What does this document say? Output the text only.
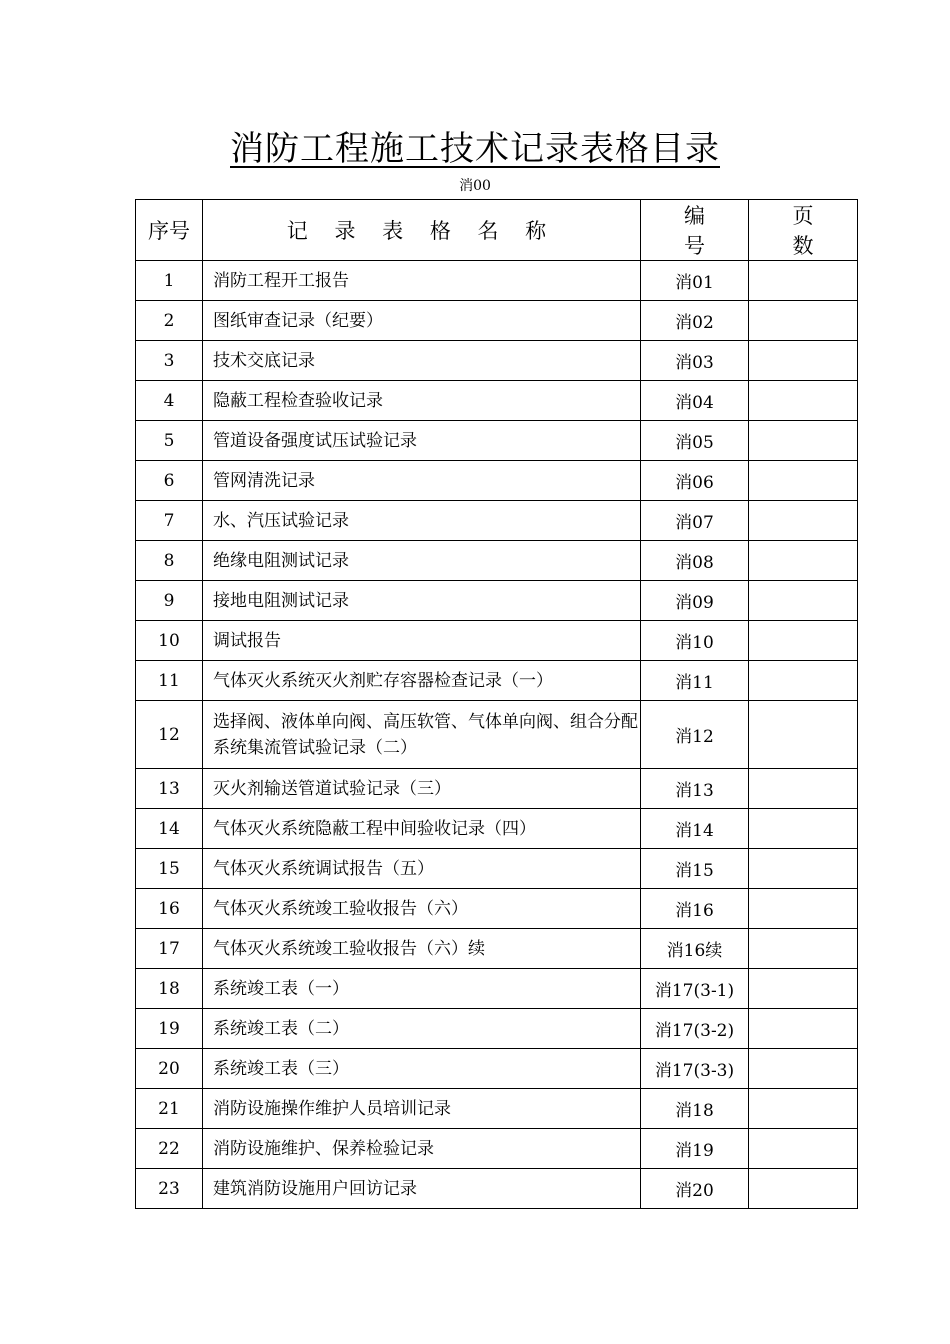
消防工程施工技术记录表格目录
消00
序号	记 录 表 格 名 称	编 号	页 数
1	消防工程开工报告	消01	
2	图纸审查记录（纪要）	消02	
3	技术交底记录	消03	
4	隐蔽工程检查验收记录	消04	
5	管道设备强度试压试验记录	消05	
6	管网清洗记录	消06	
7	水、汽压试验记录	消07	
8	绝缘电阻测试记录	消08	
9	接地电阻测试记录	消09	
10	调试报告	消10	
11	气体灭火系统灭火剂贮存容器检查记录（一）	消11	
12	选择阀、液体单向阀、高压软管、气体单向阀、组合分配系统集流管试验记录（二）	消12	
13	灭火剂输送管道试验记录（三）	消13	
14	气体灭火系统隐蔽工程中间验收记录（四）	消14	
15	气体灭火系统调试报告（五）	消15	
16	气体灭火系统竣工验收报告（六）	消16	
17	气体灭火系统竣工验收报告（六）续	消16续	
18	系统竣工表（一）	消17(3-1)	
19	系统竣工表（二）	消17(3-2)	
20	系统竣工表（三）	消17(3-3)	
21	消防设施操作维护人员培训记录	消18	
22	消防设施维护、保养检验记录	消19	
23	建筑消防设施用户回访记录	消20	
